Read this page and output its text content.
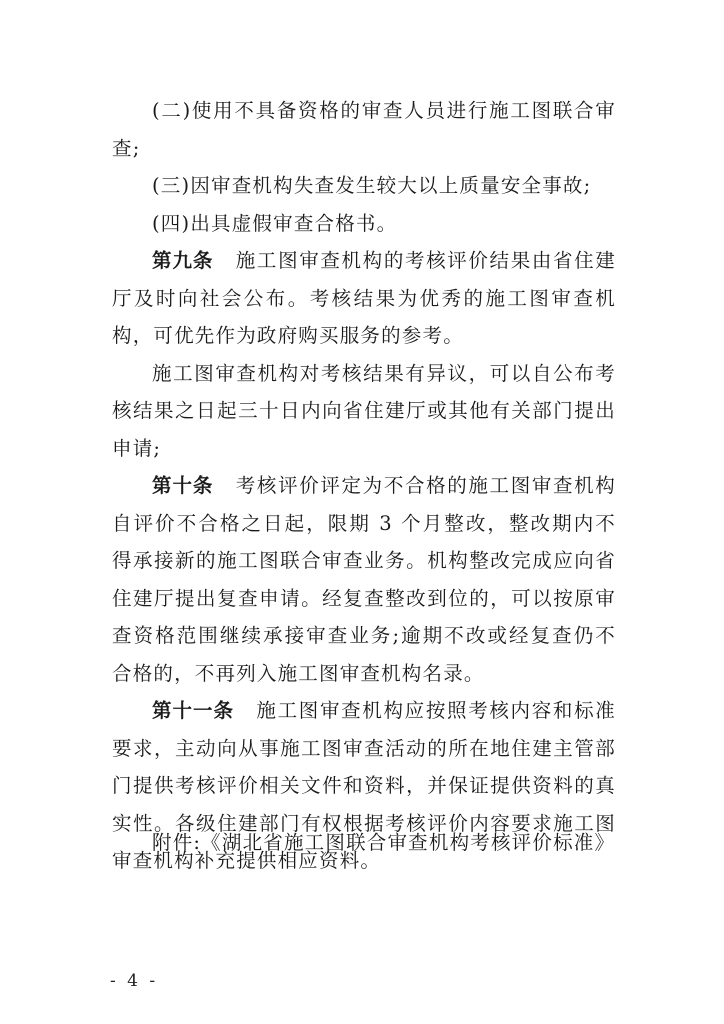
(二)使用不具备资格的审查人员进行施工图联合审查;

(三)因审查机构失查发生较大以上质量安全事故;

(四)出具虚假审查合格书。

第九条 施工图审查机构的考核评价结果由省住建厅及时向社会公布。考核结果为优秀的施工图审查机构，可优先作为政府购买服务的参考。

施工图审查机构对考核结果有异议，可以自公布考核结果之日起三十日内向省住建厅或其他有关部门提出申请;

第十条 考核评价评定为不合格的施工图审查机构自评价不合格之日起，限期 3 个月整改，整改期内不得承接新的施工图联合审查业务。机构整改完成应向省住建厅提出复查申请。经复查整改到位的，可以按原审查资格范围继续承接审查业务;逾期不改或经复查仍不合格的，不再列入施工图审查机构名录。

第十一条 施工图审查机构应按照考核内容和标准要求，主动向从事施工图审查活动的所在地住建主管部门提供考核评价相关文件和资料，并保证提供资料的真实性。各级住建部门有权根据考核评价内容要求施工图审查机构补充提供相应资料。

附件:《湖北省施工图联合审查机构考核评价标准》
- 4 -
